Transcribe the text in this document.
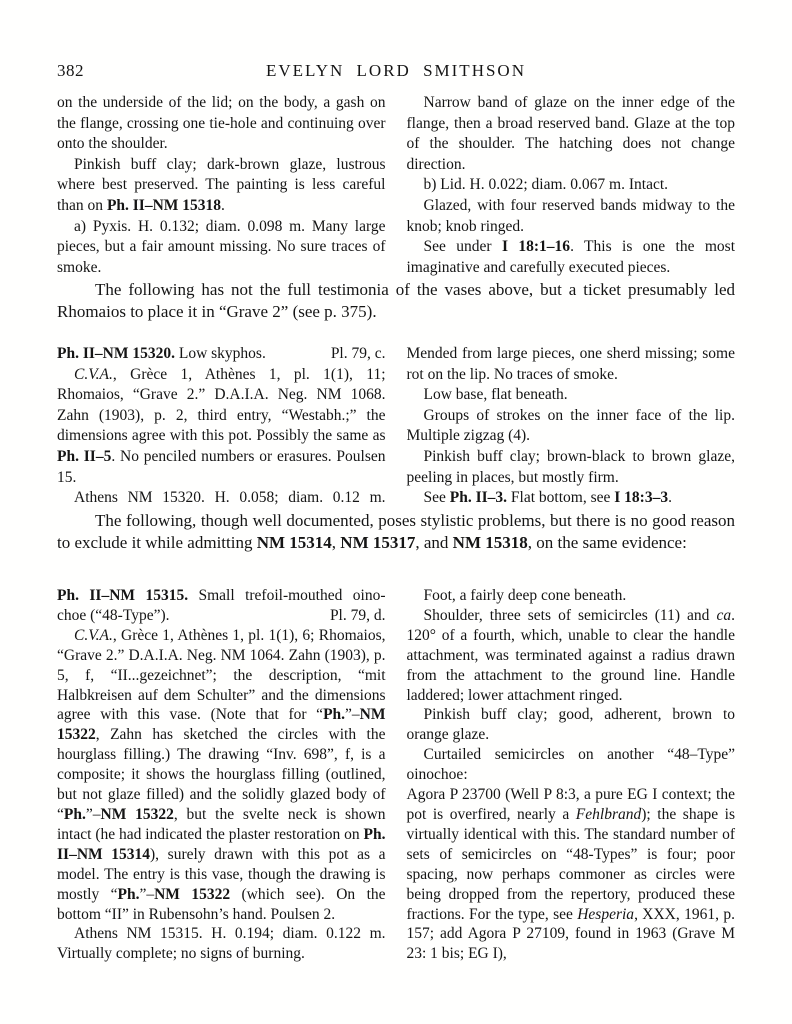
382	EVELYN LORD SMITHSON

on the underside of the lid; on the body, a gash on the flange, crossing one tie-hole and continuing over onto the shoulder.

Pinkish buff clay; dark-brown glaze, lustrous where best preserved. The painting is less careful than on Ph. II–NM 15318.

a) Pyxis. H. 0.132; diam. 0.098 m. Many large pieces, but a fair amount missing. No sure traces of smoke.

Narrow band of glaze on the inner edge of the flange, then a broad reserved band. Glaze at the top of the shoulder. The hatching does not change direction.

b) Lid. H. 0.022; diam. 0.067 m. Intact.

Glazed, with four reserved bands midway to the knob; knob ringed.

See under I 18:1–16. This is one the most imaginative and carefully executed pieces.

The following has not the full testimonia of the vases above, but a ticket presumably led Rhomaios to place it in “Grave 2” (see p. 375).

Ph. II–NM 15320. Low skyphos.	Pl. 79, c.

C.V.A., Grèce 1, Athènes 1, pl. 1(1), 11; Rhomaios, “Grave 2.” D.A.I.A. Neg. NM 1068. Zahn (1903), p. 2, third entry, “Westabh.;” the dimensions agree with this pot. Possibly the same as Ph. II–5. No penciled numbers or erasures. Poulsen 15.

Athens NM 15320. H. 0.058; diam. 0.12 m.

Mended from large pieces, one sherd missing; some rot on the lip. No traces of smoke.

Low base, flat beneath.

Groups of strokes on the inner face of the lip. Multiple zigzag (4).

Pinkish buff clay; brown-black to brown glaze, peeling in places, but mostly firm.

See Ph. II–3. Flat bottom, see I 18:3–3.

The following, though well documented, poses stylistic problems, but there is no good reason to exclude it while admitting NM 15314, NM 15317, and NM 15318, on the same evidence:

Ph. II–NM 15315. Small trefoil-mouthed oino-
choe (“48-Type”).	Pl. 79, d.

C.V.A., Grèce 1, Athènes 1, pl. 1(1), 6; Rhomaios, “Grave 2.” D.A.I.A. Neg. NM 1064. Zahn (1903), p. 5, f, “II...gezeichnet”; the description, “mit Halbkreisen auf dem Schulter” and the dimensions agree with this vase. (Note that for “Ph.”–NM 15322, Zahn has sketched the circles with the hourglass filling.) The drawing “Inv. 698”, f, is a composite; it shows the hourglass filling (outlined, but not glaze filled) and the solidly glazed body of “Ph.”–NM 15322, but the svelte neck is shown intact (he had indicated the plaster restoration on Ph. II–NM 15314), surely drawn with this pot as a model. The entry is this vase, though the drawing is mostly “Ph.”–NM 15322 (which see). On the bottom “II” in Rubensohn’s hand. Poulsen 2.

Athens NM 15315. H. 0.194; diam. 0.122 m. Virtually complete; no signs of burning.

Foot, a fairly deep cone beneath.

Shoulder, three sets of semicircles (11) and ca. 120° of a fourth, which, unable to clear the handle attachment, was terminated against a radius drawn from the attachment to the ground line. Handle laddered; lower attachment ringed.

Pinkish buff clay; good, adherent, brown to orange glaze.

Curtailed semicircles on another “48–Type” oinochoe:

Agora P 23700 (Well P 8:3, a pure EG I context; the pot is overfired, nearly a Fehlbrand); the shape is virtually identical with this. The standard number of sets of semicircles on “48-Types” is four; poor spacing, now perhaps commoner as circles were being dropped from the repertory, produced these fractions. For the type, see Hesperia, XXX, 1961, p. 157; add Agora P 27109, found in 1963 (Grave M 23: 1 bis; EG I),
